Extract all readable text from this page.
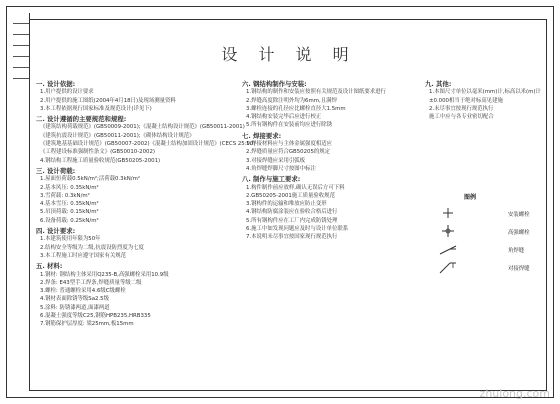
设 计 说 明
一. 设计依据:
1.用户提供的设计要求
2.用户提供的施工图纸(2004年4月18日)及现场测量资料
3.本工程依据现行国家标准及规范设计(详见下)
二. 设计遵循的主要规范和规程:
《建筑结构荷载规范》(GB50009-2001);《混凝土结构设计规范》(GB50011-2001)
《建筑抗震设计规范》(GB50011-2001);《砌体结构设计规范》
《建筑地基基础设计规范》(GB50007-2002)《混凝土结构加固设计规范》(CECS 25:90)
《工程建设标准强制性条文》(GB50010-2002)
4.钢结构工程施工质量验收规范(GB50205-2001)
三. 设计荷载:
1.屋面恒荷载0.5kN/m²;活荷载0.3kN/m²
2.基本风压: 0.35kN/m²
3.雪荷载: 0.3kN/m²
4.基本雪压: 0.35kN/m²
5.吊顶荷载: 0.15kN/m²
6.设备荷载: 0.25kN/m²
四. 设计要求:
1.本建筑使用年限为50年
2.结构安全等级为二级,抗震设防烈度为七度
3.本工程施工时应遵守国家有关规范
五. 材料:
1.钢材: 钢结构主体采用Q235-B,高强螺栓采用10.9级
2.焊条: E43型手工焊条,焊缝质量等级二级
3.螺栓: 普通螺栓采用4.6级C级螺栓
4.钢材表面除锈等级Sa2.5级
5.涂料: 防锈漆两道,面漆两道
6.混凝土强度等级C25,钢筋HPB235,HRB335
7.钢筋保护层厚度: 梁25mm,板15mm
六. 钢结构制作与安装:
1.钢结构的制作和安装应按照有关规范及设计图纸要求进行
2.焊缝高度除注明外均为6mm,且满焊
3.螺栓连接的孔径应比螺栓直径大1.5mm
4.钢结构安装完毕后应进行校正
5.所有钢构件在安装前均应进行除锈
七. 焊接要求:
1.焊接材料应与主体金属强度相适应
2.焊缝质量应符合GB50205的规定
3.对接焊缝应采用引弧板
4.角焊缝焊脚尺寸按图中标注
八. 制作与施工要求:
1.构件制作前应放样,确认无误后方可下料
2.GB50205-2001施工质量验收规范
3.钢构件的运输和堆放应防止变形
4.钢结构防腐涂装应在验收合格后进行
5.所有钢构件应在工厂内完成防锈处理
6.施工中如发现问题应及时与设计单位联系
7.本说明未尽事宜按国家现行规范执行
九. 其他:
1.本图尺寸单位以毫米(mm)计,标高以米(m)计
±0.000相当于绝对标高见建施
2.未尽事宜按现行规范执行
施工中应与各专业密切配合
图例
安装螺栓
高强螺栓
角焊缝
对接焊缝
zhulong.com
